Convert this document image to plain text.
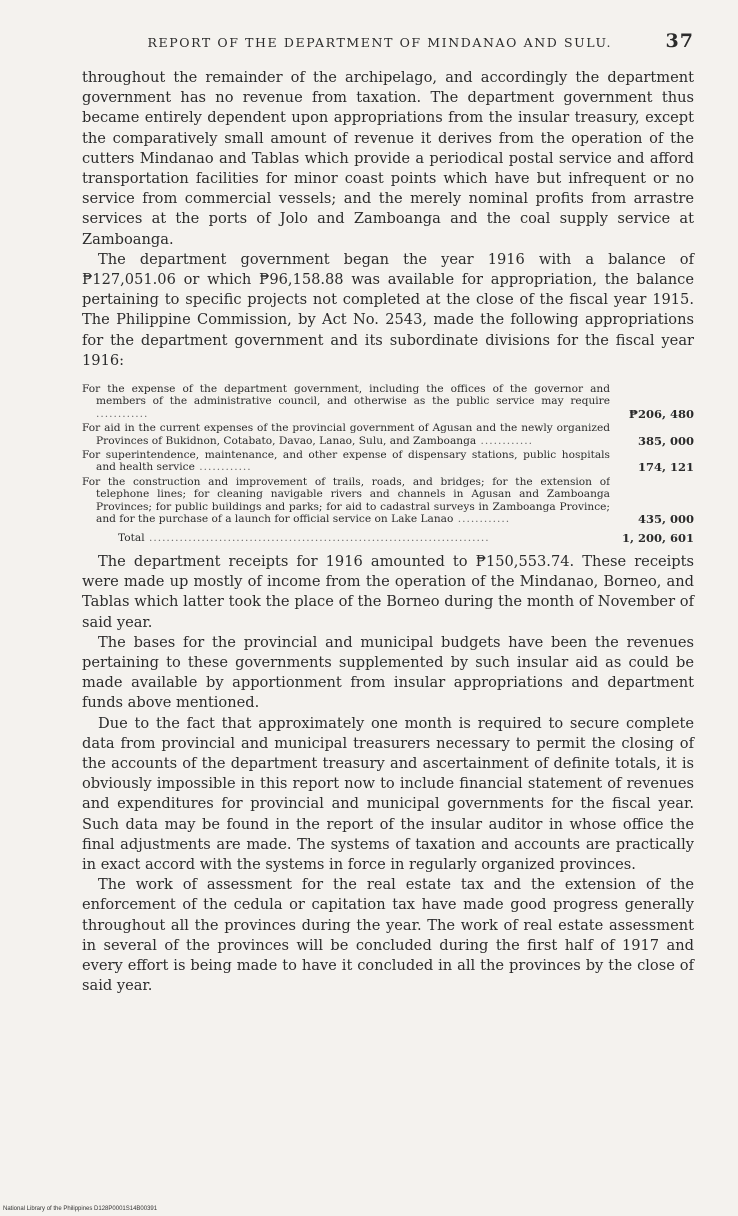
REPORT OF THE DEPARTMENT OF MINDANAO AND SULU.	37

throughout the remainder of the archipelago, and accordingly the department government has no revenue from taxation. The department government thus became entirely dependent upon appropriations from the insular treasury, except the comparatively small amount of revenue it derives from the operation of the cutters Mindanao and Tablas which provide a periodical postal service and afford transportation facilities for minor coast points which have but infrequent or no service from commercial vessels; and the merely nominal profits from arrastre services at the ports of Jolo and Zamboanga and the coal supply service at Zamboanga.

The department government began the year 1916 with a balance of ₱127,051.06 or which ₱96,158.88 was available for appropriation, the balance pertaining to specific projects not completed at the close of the fiscal year 1915. The Philippine Commission, by Act No. 2543, made the following appropriations for the department government and its subordinate divisions for the fiscal year 1916:

For the expense of the department government, including the offices of the governor and members of the administrative council, and otherwise as the public service may require ............	₱206, 480
For aid in the current expenses of the provincial government of Agusan and the newly organized Provinces of Bukidnon, Cotabato, Davao, Lanao, Sulu, and Zamboanga ............	385, 000
For superintendence, maintenance, and other expense of dispensary stations, public hospitals and health service ............	174, 121
For the construction and improvement of trails, roads, and bridges; for the extension of telephone lines; for cleaning navigable rivers and channels in Agusan and Zamboanga Provinces; for public buildings and parks; for aid to cadastral surveys in Zamboanga Province; and for the purchase of a launch for official service on Lake Lanao ............	435, 000
Total ..............................................................................	1, 200, 601

The department receipts for 1916 amounted to ₱150,553.74. These receipts were made up mostly of income from the operation of the Mindanao, Borneo, and Tablas which latter took the place of the Borneo during the month of November of said year.

The bases for the provincial and municipal budgets have been the revenues pertaining to these governments supplemented by such insular aid as could be made available by apportionment from insular appropriations and department funds above mentioned.

Due to the fact that approximately one month is required to secure complete data from provincial and municipal treasurers necessary to permit the closing of the accounts of the department treasury and ascertainment of definite totals, it is obviously impossible in this report now to include financial statement of revenues and expenditures for provincial and municipal governments for the fiscal year. Such data may be found in the report of the insular auditor in whose office the final adjustments are made. The systems of taxation and accounts are practically in exact accord with the systems in force in regularly organized provinces.

The work of assessment for the real estate tax and the extension of the enforcement of the cedula or capitation tax have made good progress generally throughout all the provinces during the year. The work of real estate assessment in several of the provinces will be concluded during the first half of 1917 and every effort is being made to have it concluded in all the provinces by the close of said year.

National Library of the Philippines D128P0001S14B00391
